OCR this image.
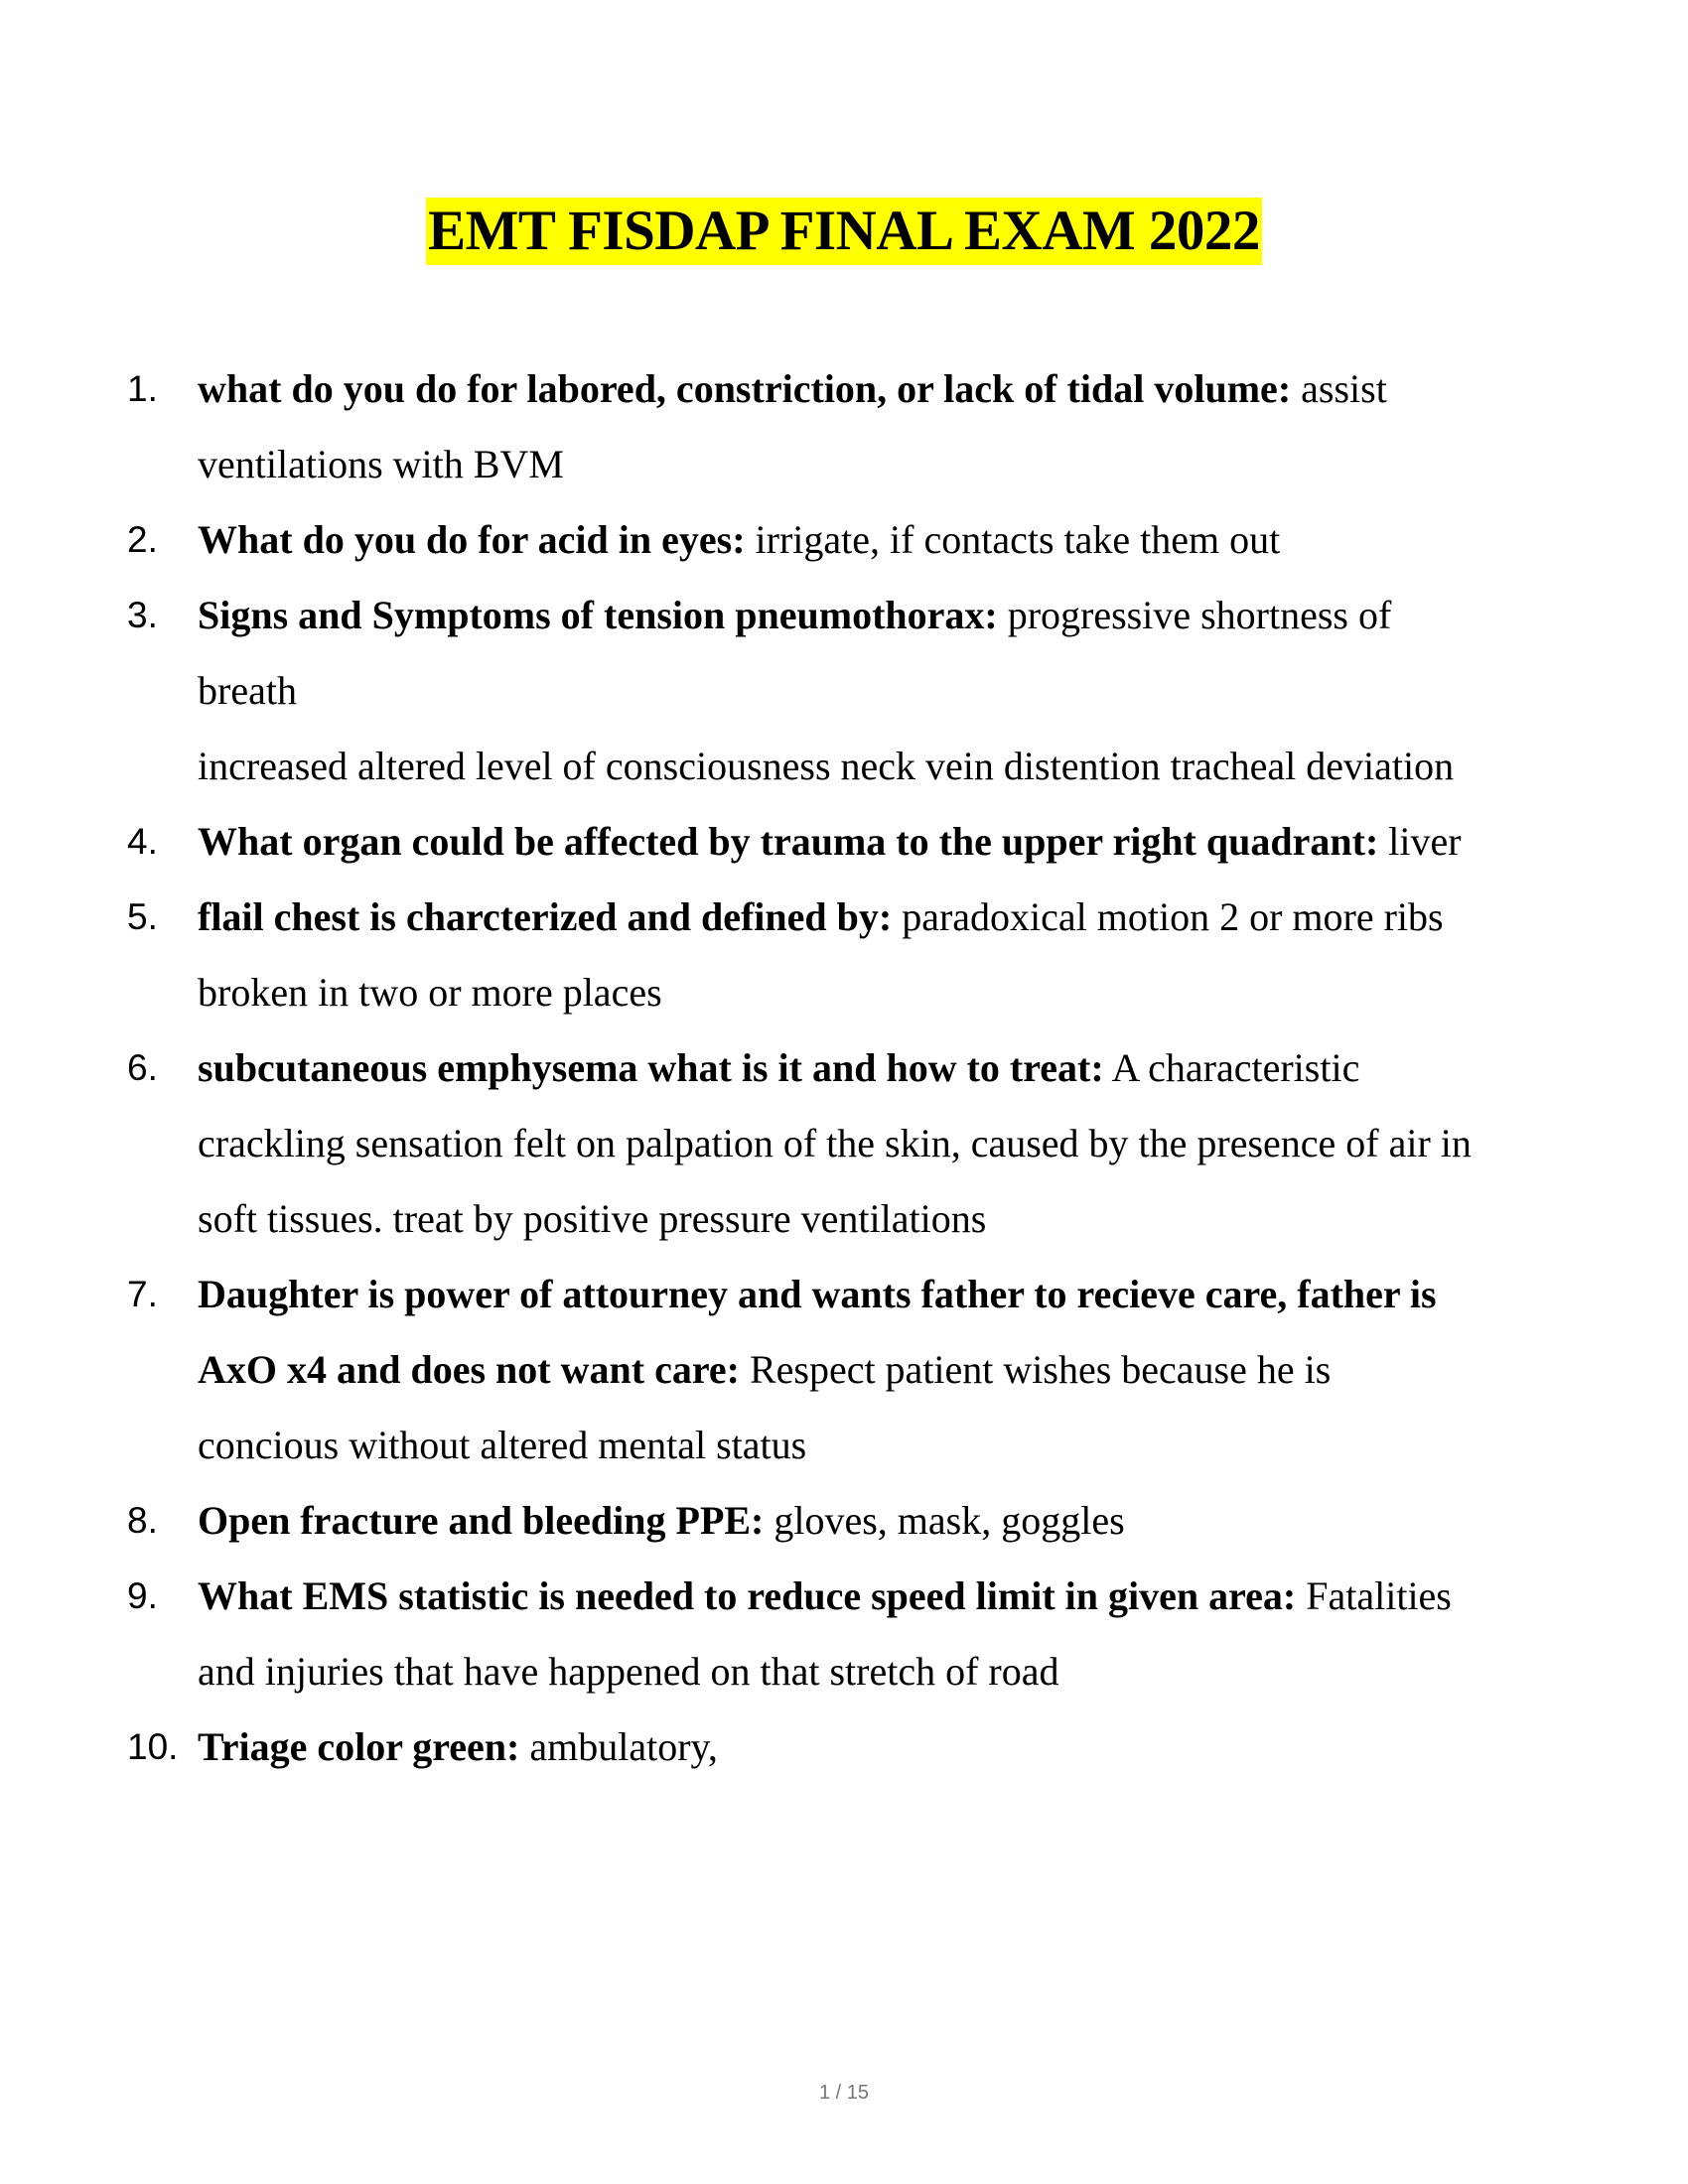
EMT FISDAP FINAL EXAM 2022
1. what do you do for labored, constriction, or lack of tidal volume: assist ventilations with BVM
2. What do you do for acid in eyes: irrigate, if contacts take them out
3. Signs and Symptoms of tension pneumothorax: progressive shortness of breath
increased altered level of consciousness neck vein distention tracheal deviation
4. What organ could be affected by trauma to the upper right quadrant: liver
5. flail chest is charcterized and defined by: paradoxical motion 2 or more ribs broken in two or more places
6. subcutaneous emphysema what is it and how to treat: A characteristic crackling sensation felt on palpation of the skin, caused by the presence of air in soft tissues. treat by positive pressure ventilations
7. Daughter is power of attourney and wants father to recieve care, father is AxO x4 and does not want care: Respect patient wishes because he is concious without altered mental status
8. Open fracture and bleeding PPE: gloves, mask, goggles
9. What EMS statistic is needed to reduce speed limit in given area: Fatalities and injuries that have happened on that stretch of road
10. Triage color green: ambulatory,
1 / 15
